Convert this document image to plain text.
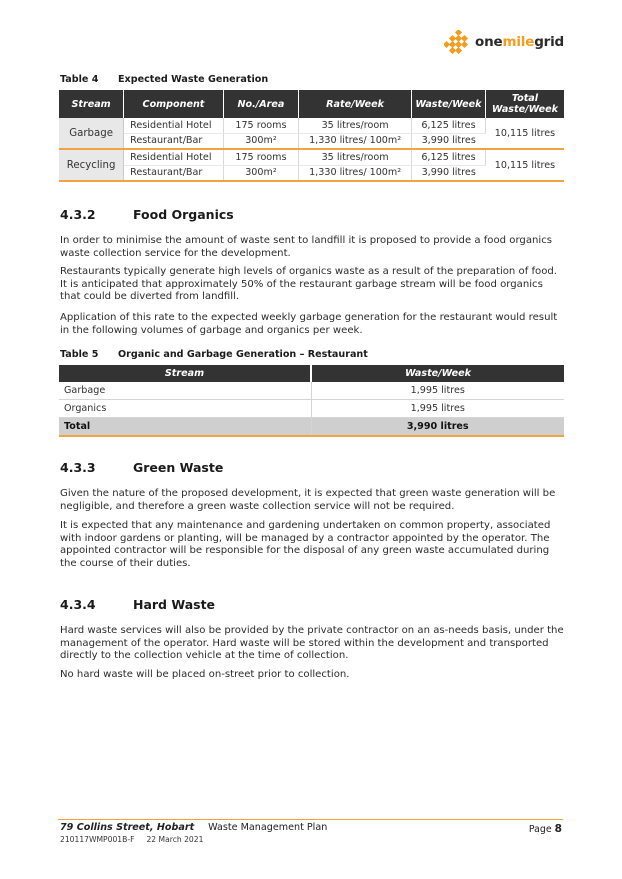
onemilegrid
Table 4 Expected Waste Generation
Stream	Component	No./Area	Rate/Week	Waste/Week	Total Waste/Week
Garbage	Residential Hotel	175 rooms	35 litres/room	6,125 litres	10,115 litres
	Restaurant/Bar	300m²	1,330 litres/ 100m²	3,990 litres	
Recycling	Residential Hotel	175 rooms	35 litres/room	6,125 litres	10,115 litres
	Restaurant/Bar	300m²	1,330 litres/ 100m²	3,990 litres	
4.3.2	Food Organics

In order to minimise the amount of waste sent to landfill it is proposed to provide a food organics waste collection service for the development.

Restaurants typically generate high levels of organics waste as a result of the preparation of food. It is anticipated that approximately 50% of the restaurant garbage stream will be food organics that could be diverted from landfill.

Application of this rate to the expected weekly garbage generation for the restaurant would result in the following volumes of garbage and organics per week.

Table 5 Organic and Garbage Generation – Restaurant
Stream	Waste/Week
Garbage	1,995 litres
Organics	1,995 litres
Total	3,990 litres
4.3.3	Green Waste

Given the nature of the proposed development, it is expected that green waste generation will be negligible, and therefore a green waste collection service will not be required.

It is expected that any maintenance and gardening undertaken on common property, associated with indoor gardens or planting, will be managed by a contractor appointed by the operator. The appointed contractor will be responsible for the disposal of any green waste accumulated during the course of their duties.

4.3.4	Hard Waste

Hard waste services will also be provided by the private contractor on an as-needs basis, under the management of the operator. Hard waste will be stored within the development and transported directly to the collection vehicle at the time of collection.

No hard waste will be placed on-street prior to collection.

79 Collins Street, Hobart Waste Management Plan
210117WMP001B-F 22 March 2021
Page 8
